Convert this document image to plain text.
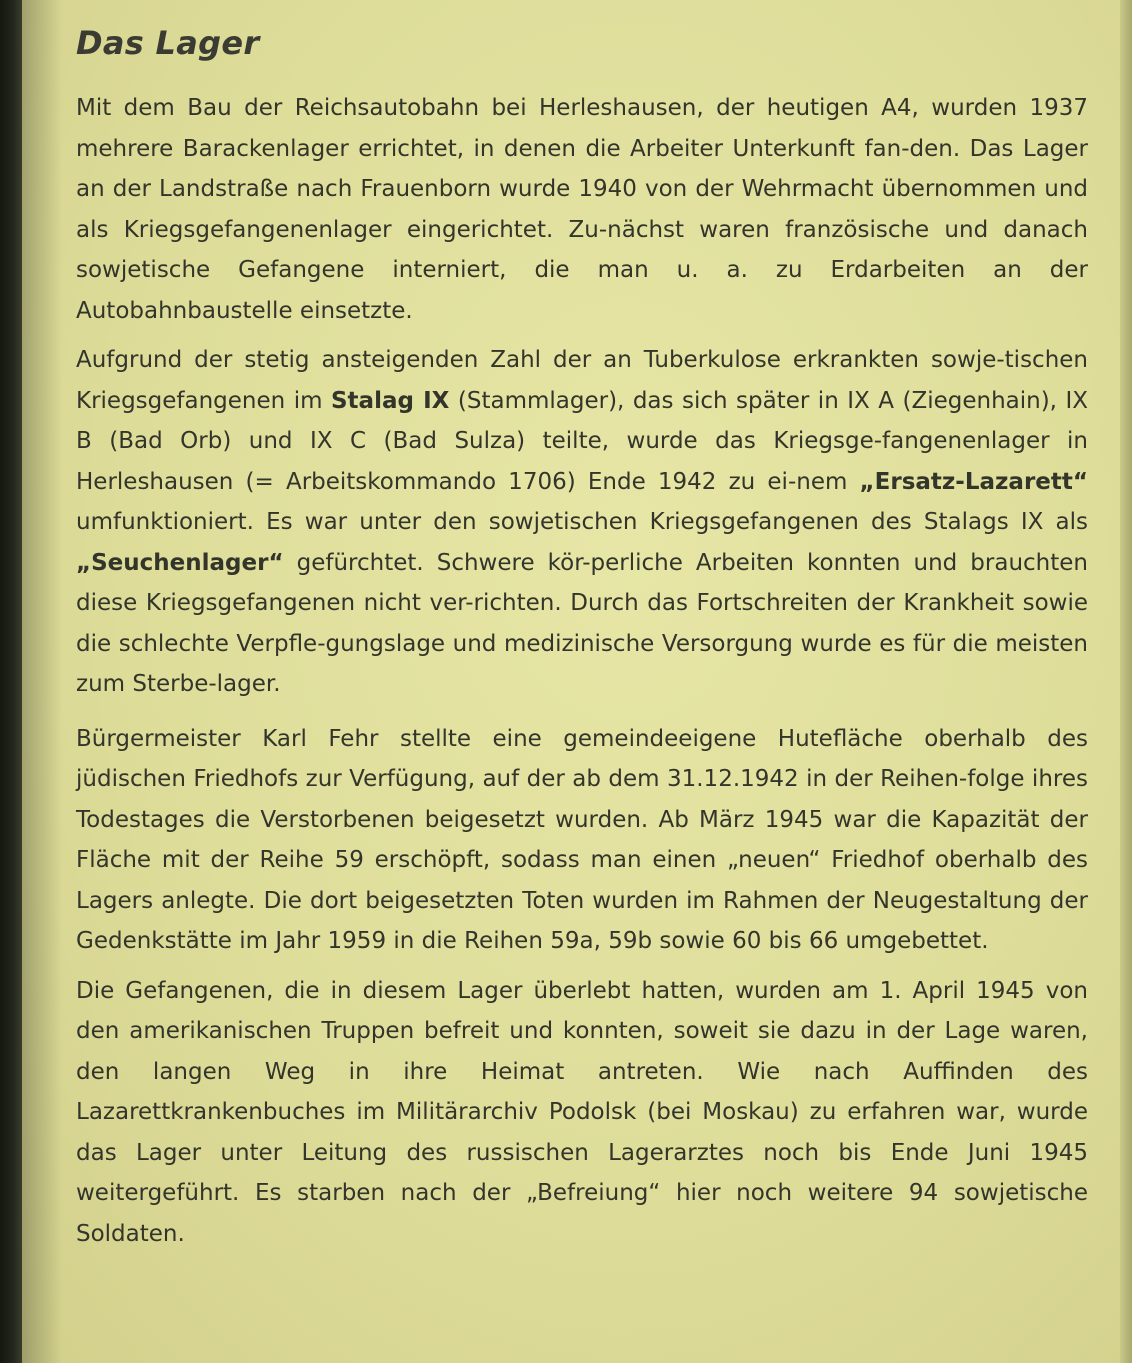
Das Lager

Mit dem Bau der Reichsautobahn bei Herleshausen, der heutigen A4, wurden 1937 mehrere Barackenlager errichtet, in denen die Arbeiter Unterkunft fan-den. Das Lager an der Landstraße nach Frauenborn wurde 1940 von der Wehrmacht übernommen und als Kriegsgefangenenlager eingerichtet. Zu-nächst waren französische und danach sowjetische Gefangene interniert, die man u. a. zu Erdarbeiten an der Autobahnbaustelle einsetzte.

Aufgrund der stetig ansteigenden Zahl der an Tuberkulose erkrankten sowje-tischen Kriegsgefangenen im Stalag IX (Stammlager), das sich später in IX A (Ziegenhain), IX B (Bad Orb) und IX C (Bad Sulza) teilte, wurde das Kriegsge-fangenenlager in Herleshausen (= Arbeitskommando 1706) Ende 1942 zu ei-nem „Ersatz-Lazarett“ umfunktioniert. Es war unter den sowjetischen Kriegsgefangenen des Stalags IX als „Seuchenlager“ gefürchtet. Schwere kör-perliche Arbeiten konnten und brauchten diese Kriegsgefangenen nicht ver-richten. Durch das Fortschreiten der Krankheit sowie die schlechte Verpfle-gungslage und medizinische Versorgung wurde es für die meisten zum Sterbe-lager.

Bürgermeister Karl Fehr stellte eine gemeindeeigene Hutefläche oberhalb des jüdischen Friedhofs zur Verfügung, auf der ab dem 31.12.1942 in der Reihen-folge ihres Todestages die Verstorbenen beigesetzt wurden. Ab März 1945 war die Kapazität der Fläche mit der Reihe 59 erschöpft, sodass man einen „neuen“ Friedhof oberhalb des Lagers anlegte. Die dort beigesetzten Toten wurden im Rahmen der Neugestaltung der Gedenkstätte im Jahr 1959 in die Reihen 59a, 59b sowie 60 bis 66 umgebettet.

Die Gefangenen, die in diesem Lager überlebt hatten, wurden am 1. April 1945 von den amerikanischen Truppen befreit und konnten, soweit sie dazu in der Lage waren, den langen Weg in ihre Heimat antreten. Wie nach Auffinden des Lazarettkrankenbuches im Militärarchiv Podolsk (bei Moskau) zu erfahren war, wurde das Lager unter Leitung des russischen Lagerarztes noch bis Ende Juni 1945 weitergeführt. Es starben nach der „Befreiung“ hier noch weitere 94 sowjetische Soldaten.
